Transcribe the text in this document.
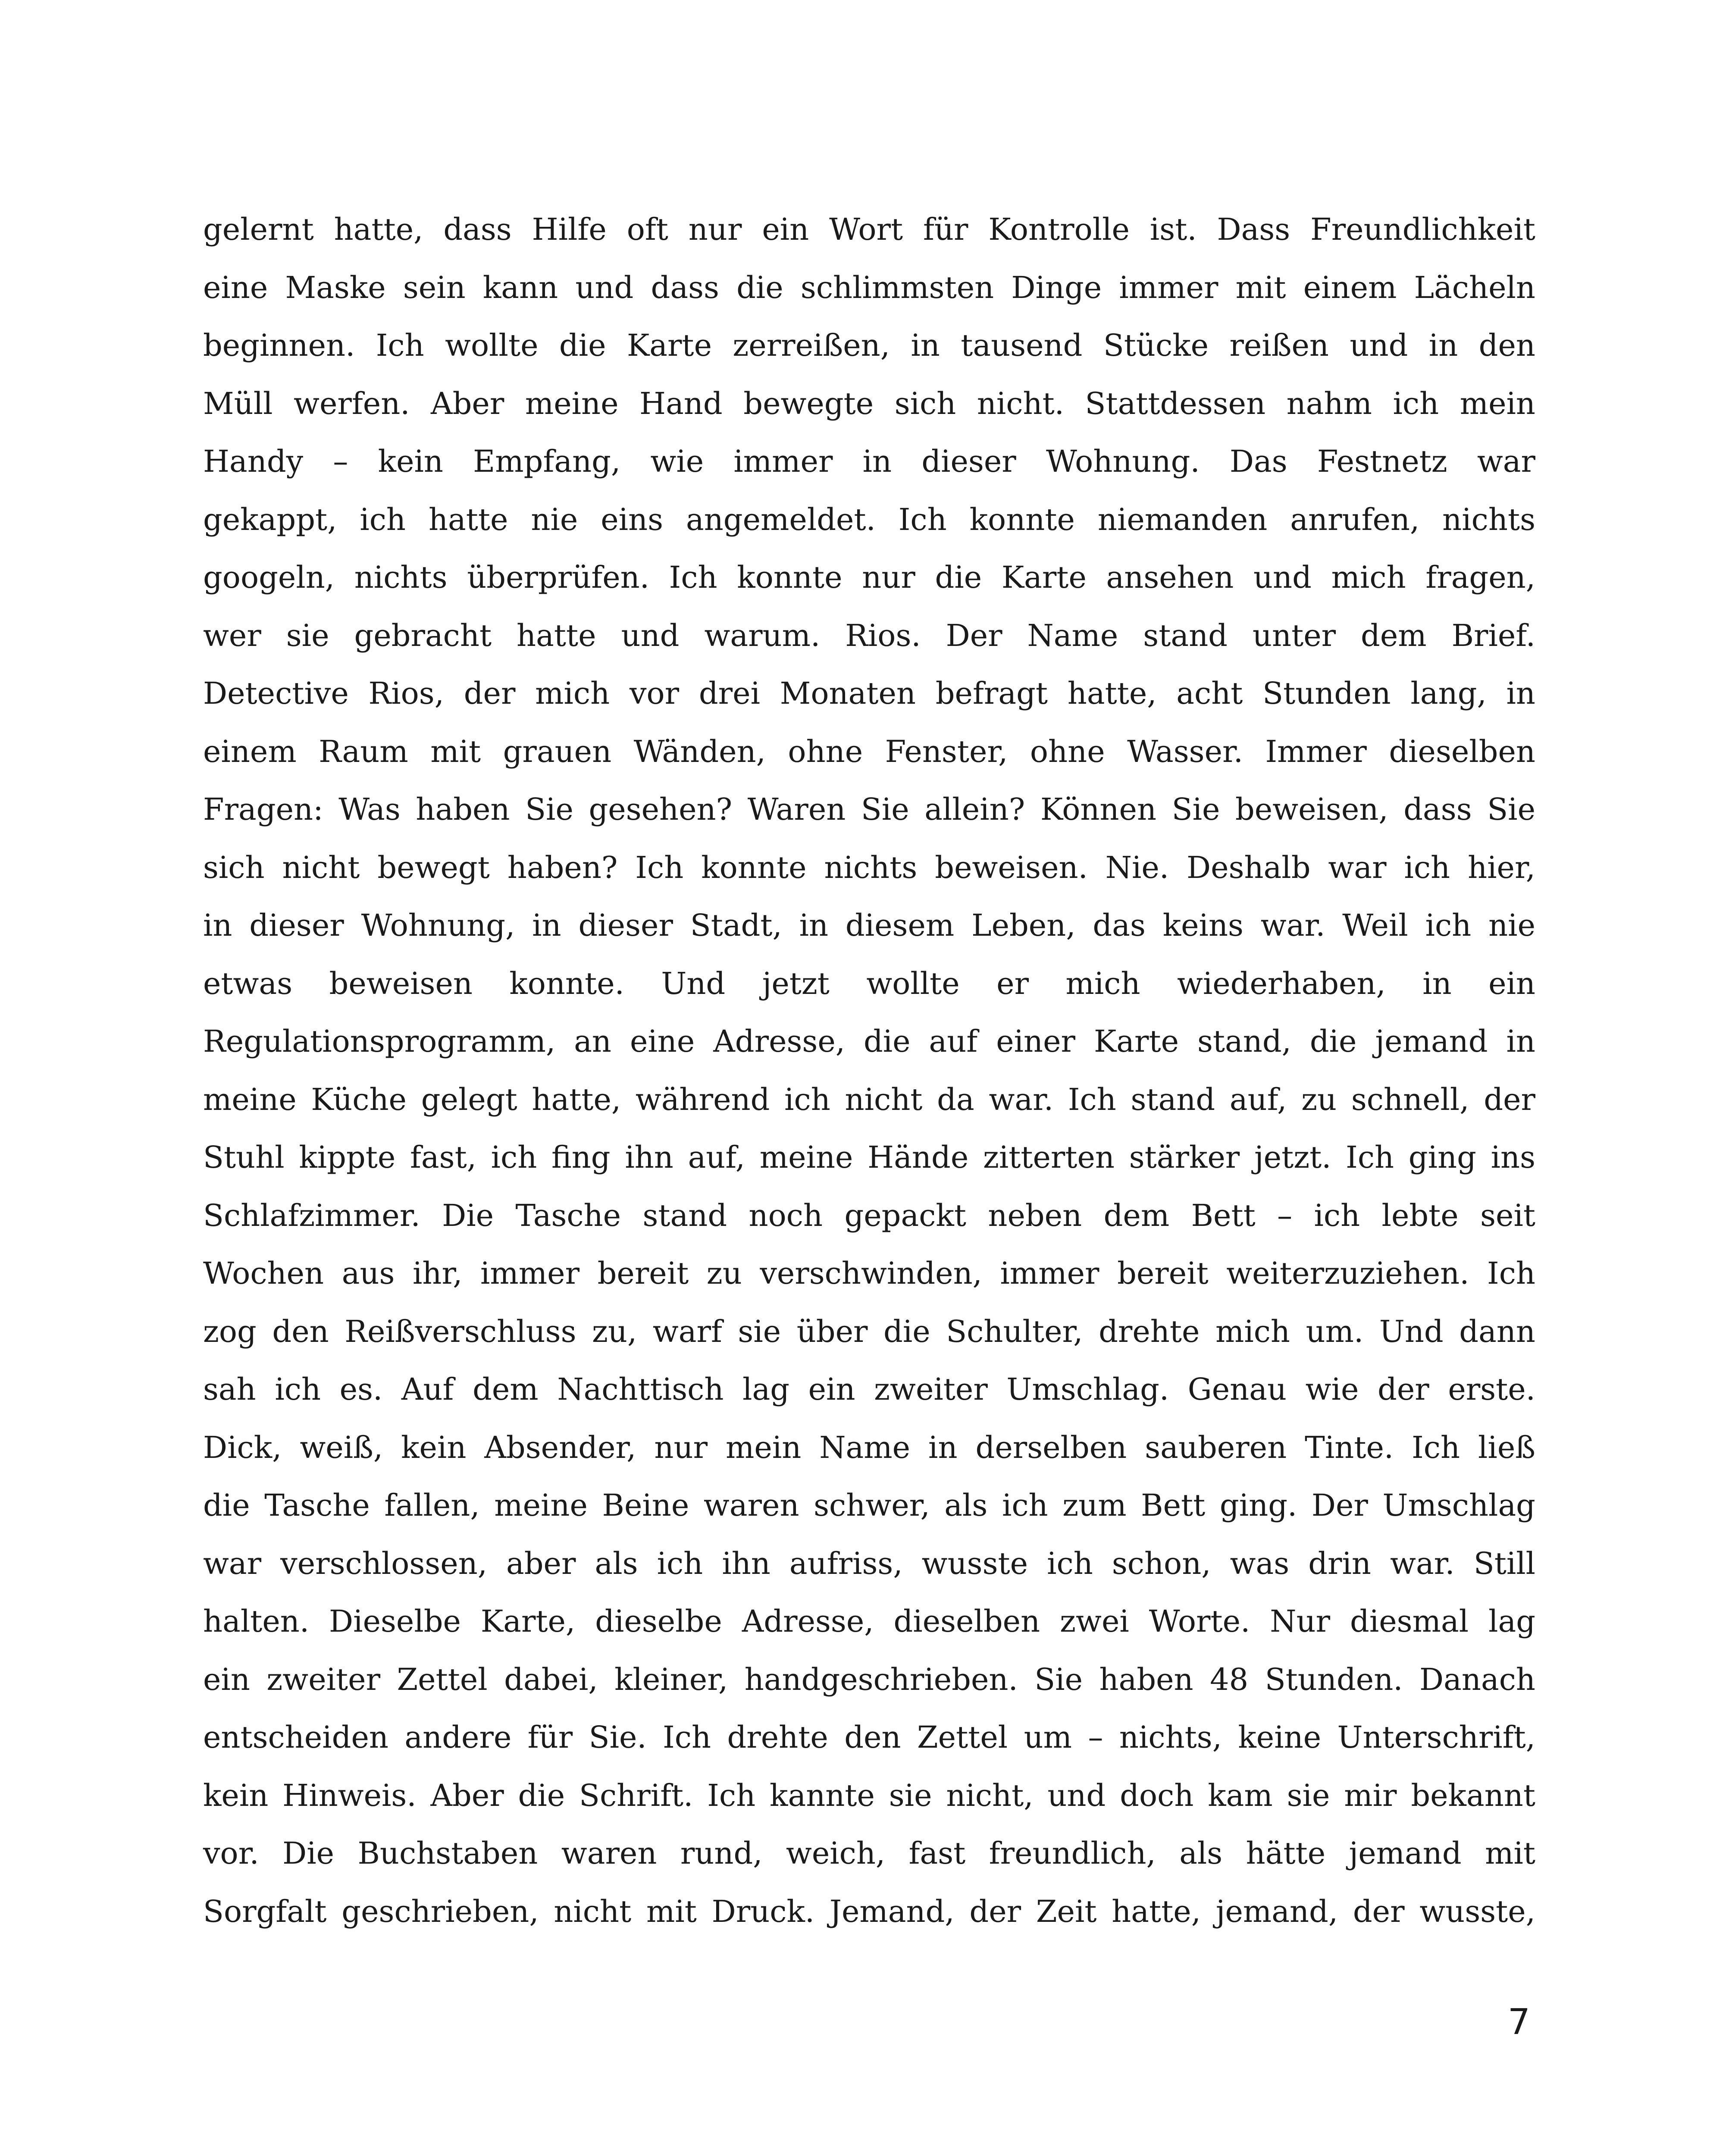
gelernt hatte, dass Hilfe oft nur ein Wort für Kontrolle ist. Dass Freundlichkeit
eine Maske sein kann und dass die schlimmsten Dinge immer mit einem Lächeln
beginnen. Ich wollte die Karte zerreißen, in tausend Stücke reißen und in den
Müll werfen. Aber meine Hand bewegte sich nicht. Stattdessen nahm ich mein
Handy – kein Empfang, wie immer in dieser Wohnung. Das Festnetz war
gekappt, ich hatte nie eins angemeldet. Ich konnte niemanden anrufen, nichts
googeln, nichts überprüfen. Ich konnte nur die Karte ansehen und mich fragen,
wer sie gebracht hatte und warum. Rios. Der Name stand unter dem Brief.
Detective Rios, der mich vor drei Monaten befragt hatte, acht Stunden lang, in
einem Raum mit grauen Wänden, ohne Fenster, ohne Wasser. Immer dieselben
Fragen: Was haben Sie gesehen? Waren Sie allein? Können Sie beweisen, dass Sie
sich nicht bewegt haben? Ich konnte nichts beweisen. Nie. Deshalb war ich hier,
in dieser Wohnung, in dieser Stadt, in diesem Leben, das keins war. Weil ich nie
etwas beweisen konnte. Und jetzt wollte er mich wiederhaben, in ein
Regulationsprogramm, an eine Adresse, die auf einer Karte stand, die jemand in
meine Küche gelegt hatte, während ich nicht da war. Ich stand auf, zu schnell, der
Stuhl kippte fast, ich fing ihn auf, meine Hände zitterten stärker jetzt. Ich ging ins
Schlafzimmer. Die Tasche stand noch gepackt neben dem Bett – ich lebte seit
Wochen aus ihr, immer bereit zu verschwinden, immer bereit weiterzuziehen. Ich
zog den Reißverschluss zu, warf sie über die Schulter, drehte mich um. Und dann
sah ich es. Auf dem Nachttisch lag ein zweiter Umschlag. Genau wie der erste.
Dick, weiß, kein Absender, nur mein Name in derselben sauberen Tinte. Ich ließ
die Tasche fallen, meine Beine waren schwer, als ich zum Bett ging. Der Umschlag
war verschlossen, aber als ich ihn aufriss, wusste ich schon, was drin war. Still
halten. Dieselbe Karte, dieselbe Adresse, dieselben zwei Worte. Nur diesmal lag
ein zweiter Zettel dabei, kleiner, handgeschrieben. Sie haben 48 Stunden. Danach
entscheiden andere für Sie. Ich drehte den Zettel um – nichts, keine Unterschrift,
kein Hinweis. Aber die Schrift. Ich kannte sie nicht, und doch kam sie mir bekannt
vor. Die Buchstaben waren rund, weich, fast freundlich, als hätte jemand mit
Sorgfalt geschrieben, nicht mit Druck. Jemand, der Zeit hatte, jemand, der wusste,
7
